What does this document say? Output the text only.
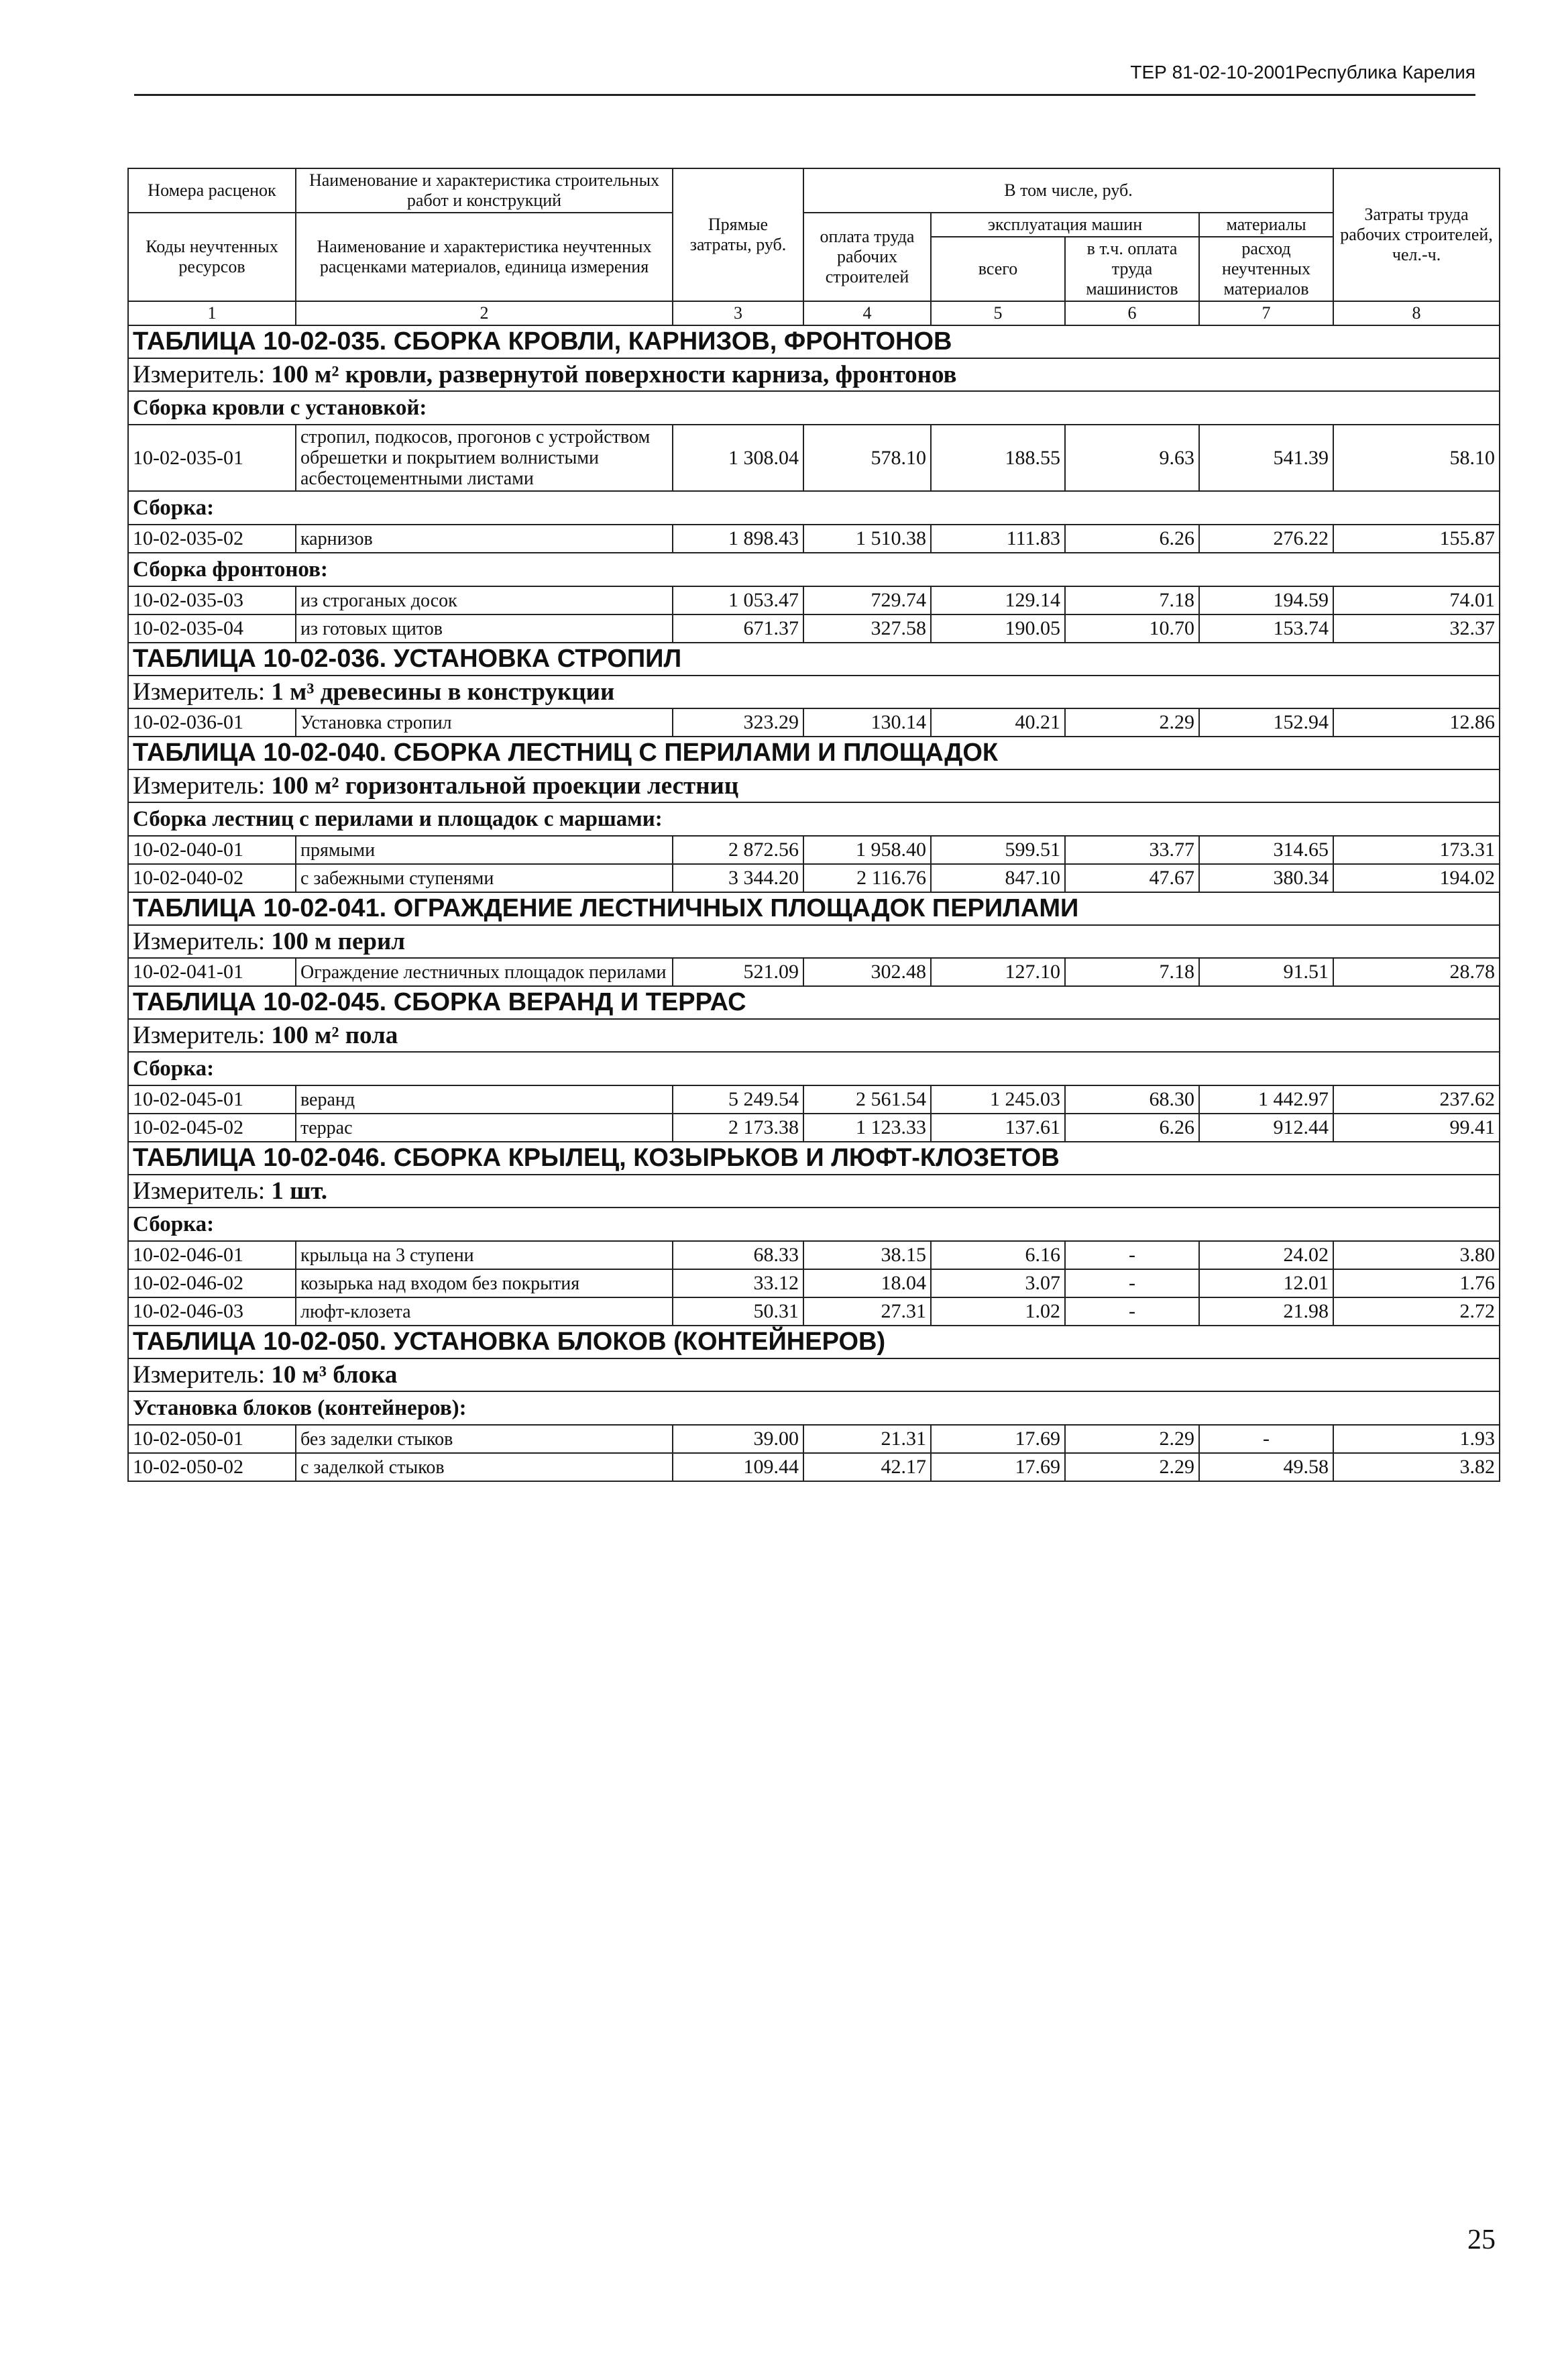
ТЕР 81-02-10-2001Республика Карелия
Номера расценок	Наименование и характеристика строительных работ и конструкций	Прямые затраты, руб.	В том числе, руб.				Затраты труда рабочих строителей, чел.-ч.
Коды неучтенных ресурсов	Наименование и характеристика неучтенных расценками материалов, единица измерения		оплата труда рабочих строителей	эксплуатация машин		материалы	
				всего	в т.ч. оплата труда машинистов	расход неучтенных материалов	
1	2	3	4	5	6	7	8
ТАБЛИЦА 10-02-035. СБОРКА КРОВЛИ, КАРНИЗОВ, ФРОНТОНОВ							
Измеритель: 100 м² кровли, развернутой поверхности карниза, фронтонов							
Сборка кровли с установкой:							
10-02-035-01	стропил, подкосов, прогонов с устройством обрешетки и покрытием волнистыми асбестоцементными листами	1 308.04	578.10	188.55	9.63	541.39	58.10
Сборка:							
10-02-035-02	карнизов	1 898.43	1 510.38	111.83	6.26	276.22	155.87
Сборка фронтонов:							
10-02-035-03	из строганых досок	1 053.47	729.74	129.14	7.18	194.59	74.01
10-02-035-04	из готовых щитов	671.37	327.58	190.05	10.70	153.74	32.37
ТАБЛИЦА 10-02-036. УСТАНОВКА СТРОПИЛ							
Измеритель: 1 м³ древесины в конструкции							
10-02-036-01	Установка стропил	323.29	130.14	40.21	2.29	152.94	12.86
ТАБЛИЦА 10-02-040. СБОРКА ЛЕСТНИЦ С ПЕРИЛАМИ И ПЛОЩАДОК							
Измеритель: 100 м² горизонтальной проекции лестниц							
Сборка лестниц с перилами и площадок с маршами:							
10-02-040-01	прямыми	2 872.56	1 958.40	599.51	33.77	314.65	173.31
10-02-040-02	с забежными ступенями	3 344.20	2 116.76	847.10	47.67	380.34	194.02
ТАБЛИЦА 10-02-041. ОГРАЖДЕНИЕ ЛЕСТНИЧНЫХ ПЛОЩАДОК ПЕРИЛАМИ							
Измеритель: 100 м перил							
10-02-041-01	Ограждение лестничных площадок перилами	521.09	302.48	127.10	7.18	91.51	28.78
ТАБЛИЦА 10-02-045. СБОРКА ВЕРАНД И ТЕРРАС							
Измеритель: 100 м² пола							
Сборка:							
10-02-045-01	веранд	5 249.54	2 561.54	1 245.03	68.30	1 442.97	237.62
10-02-045-02	террас	2 173.38	1 123.33	137.61	6.26	912.44	99.41
ТАБЛИЦА 10-02-046. СБОРКА КРЫЛЕЦ, КОЗЫРЬКОВ И ЛЮФТ-КЛОЗЕТОВ							
Измеритель: 1 шт.							
Сборка:							
10-02-046-01	крыльца на 3 ступени	68.33	38.15	6.16	-	24.02	3.80
10-02-046-02	козырька над входом без покрытия	33.12	18.04	3.07	-	12.01	1.76
10-02-046-03	люфт-клозета	50.31	27.31	1.02	-	21.98	2.72
ТАБЛИЦА 10-02-050. УСТАНОВКА БЛОКОВ (КОНТЕЙНЕРОВ)							
Измеритель: 10 м³ блока							
Установка блоков (контейнеров):							
10-02-050-01	без заделки стыков	39.00	21.31	17.69	2.29	-	1.93
10-02-050-02	с заделкой стыков	109.44	42.17	17.69	2.29	49.58	3.82
25
